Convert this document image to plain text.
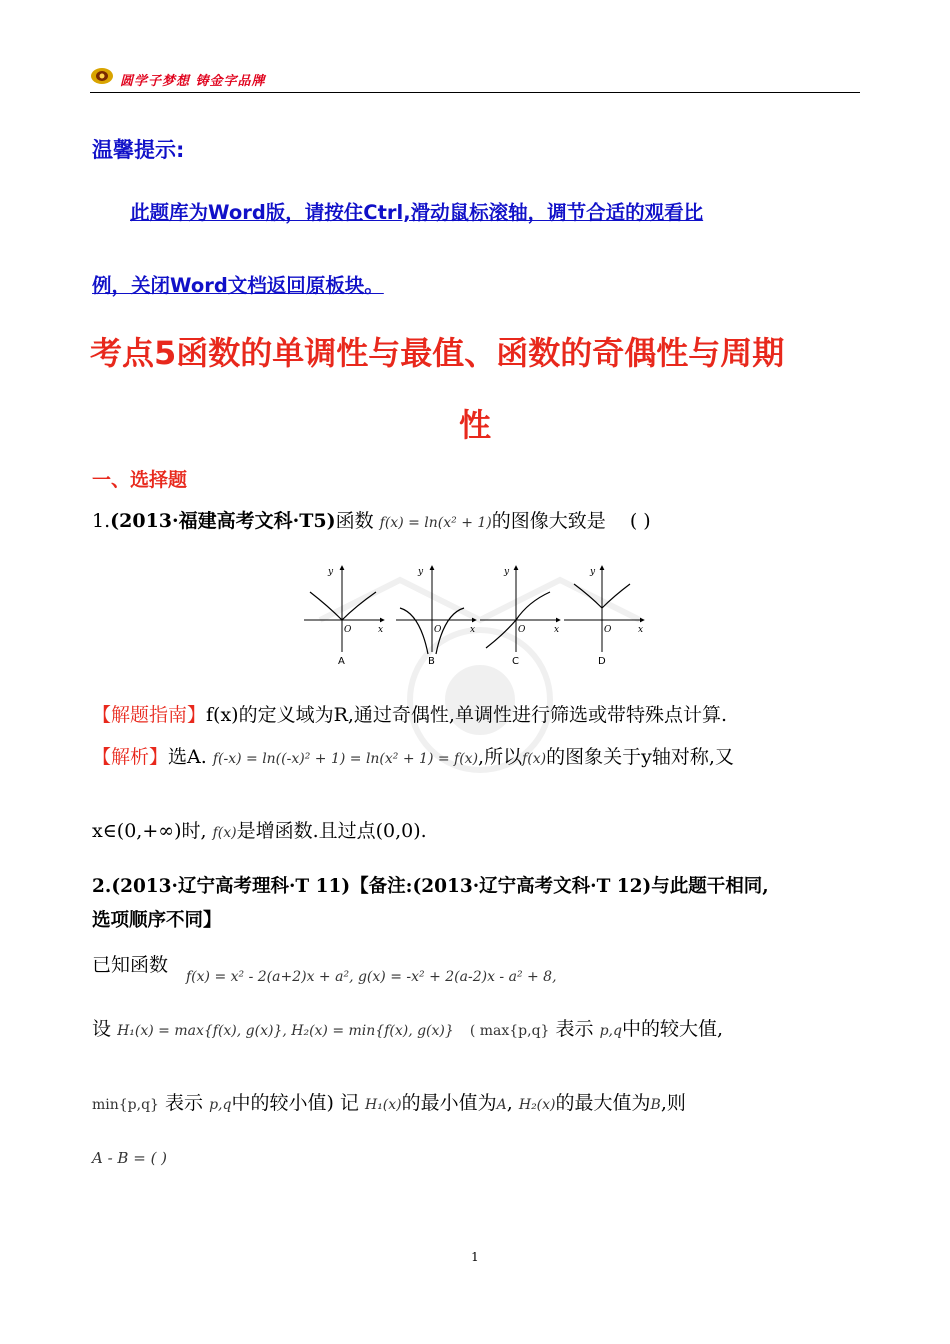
圆学子梦想 铸金字品牌
温馨提示:
此题库为Word版，请按住Ctrl,滑动鼠标滚轴，调节合适的观看比
例，关闭Word文档返回原板块。
考点5函数的单调性与最值、函数的奇偶性与周期
性
一、选择题
1.(2013·福建高考文科·T5)函数 f(x) = ln(x² + 1)的图像大致是 ( )
y
x
O
y
x
O
y
x
O
y
x
O
A	B	C	D
【解题指南】f(x)的定义域为R,通过奇偶性,单调性进行筛选或带特殊点计算.
【解析】选A. f(-x) = ln((-x)² + 1) = ln(x² + 1) = f(x),所以f(x)的图象关于y轴对称,又
x∈(0,+∞)时, f(x)是增函数.且过点(0,0).
2.(2013·辽宁高考理科·T 11)【备注:(2013·辽宁高考文科·T 12)与此题干相同,
选项顺序不同】
已知函数
f(x) = x² - 2(a+2)x + a², g(x) = -x² + 2(a-2)x - a² + 8,
设 H₁(x) = max{f(x), g(x)}, H₂(x) = min{f(x), g(x)} ( max{p,q} 表示 p,q中的较大值,
min{p,q} 表示 p,q中的较小值) 记 H₁(x)的最小值为A, H₂(x)的最大值为B,则
A - B = ( )
1
